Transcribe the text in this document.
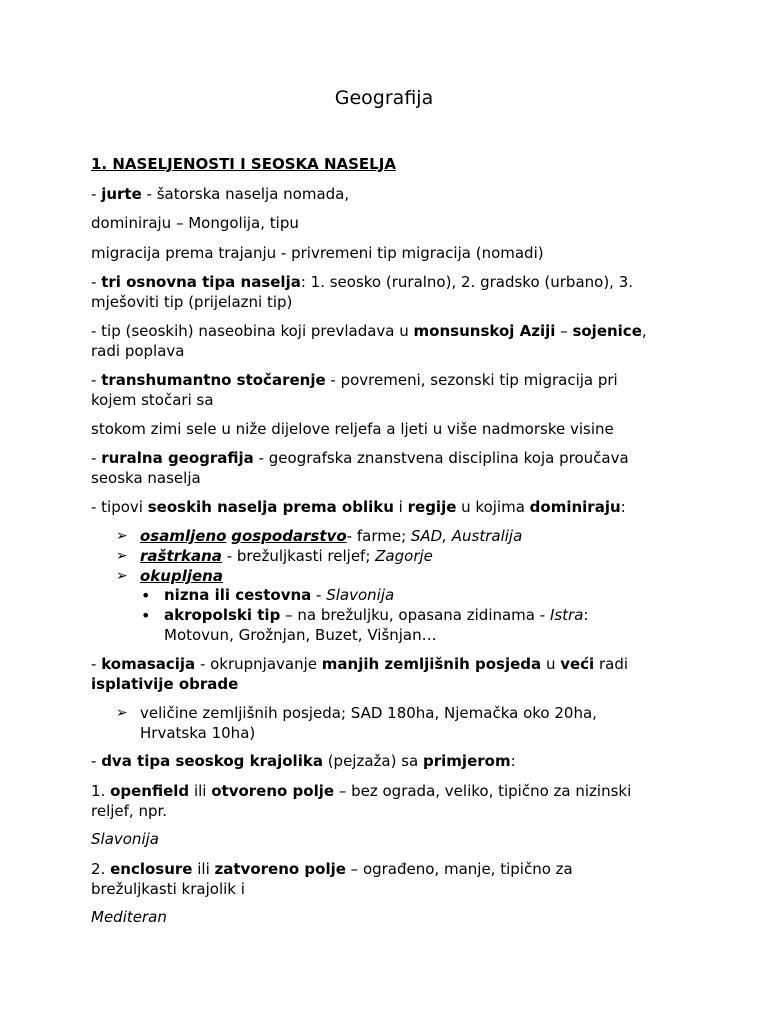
Geografija
1. NASELJENOSTI I SEOSKA NASELJA
- jurte - šatorska naselja nomada,
dominiraju – Mongolija, tipu
migracija prema trajanju - privremeni tip migracija (nomadi)
- tri osnovna tipa naselja: 1. seosko (ruralno), 2. gradsko (urbano), 3.
mješoviti tip (prijelazni tip)
- tip (seoskih) naseobina koji prevladava u monsunskoj Aziji – sojenice,
radi poplava
- transhumantno stočarenje - povremeni, sezonski tip migracija pri
kojem stočari sa
stokom zimi sele u niže dijelove reljefa a ljeti u više nadmorske visine
- ruralna geografija - geografska znanstvena disciplina koja proučava
seoska naselja
- tipovi seoskih naselja prema obliku i regije u kojima dominiraju:
➢ osamljeno gospodarstvo- farme; SAD, Australija
➢ raštrkana - brežuljkasti reljef; Zagorje
➢ okupljena
• nizna ili cestovna - Slavonija
• akropolski tip – na brežuljku, opasana zidinama - Istra:
Motovun, Grožnjan, Buzet, Višnjan…
- komasacija - okrupnjavanje manjih zemljišnih posjeda u veći radi
isplativije obrade
➢ veličine zemljišnih posjeda; SAD 180ha, Njemačka oko 20ha,
Hrvatska 10ha)
- dva tipa seoskog krajolika (pejzaža) sa primjerom:
1. openfield ili otvoreno polje – bez ograda, veliko, tipično za nizinski
reljef, npr.
Slavonija
2. enclosure ili zatvoreno polje – ograđeno, manje, tipično za
brežuljkasti krajolik i
Mediteran
